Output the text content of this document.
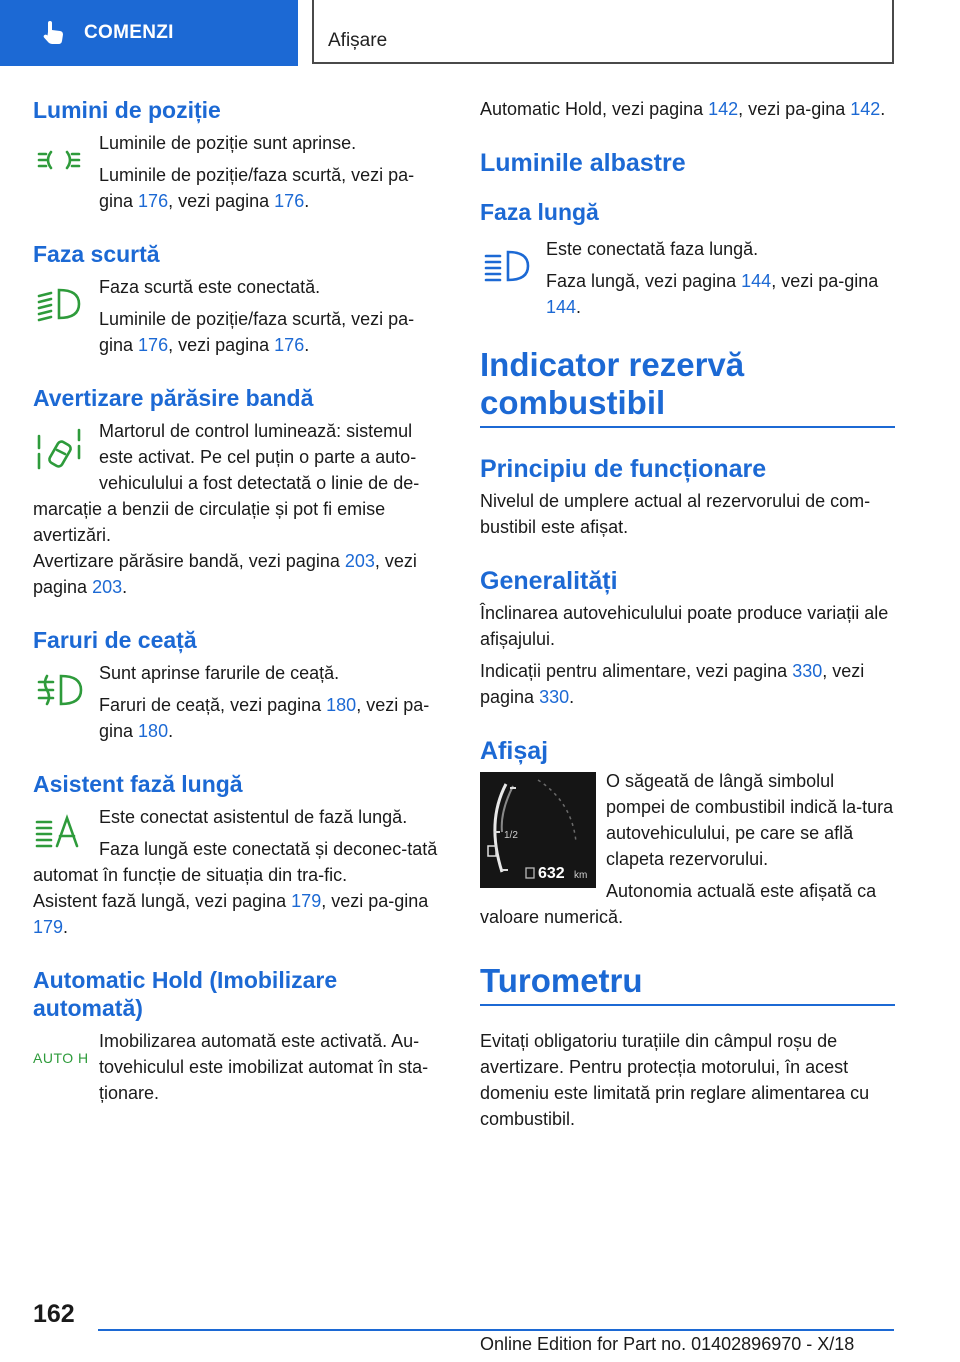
COMENZI	Afișare
Lumini de poziție

Luminile de poziție sunt aprinse.

Luminile de poziție/faza scurtă, vezi pa-gina 176, vezi pagina 176.

Faza scurtă

Faza scurtă este conectată.

Luminile de poziție/faza scurtă, vezi pa-gina 176, vezi pagina 176.

Avertizare părăsire bandă

Martorul de control luminează: sistemul este activat. Pe cel puțin o parte a auto-vehiculului a fost detectată o linie de de-marcație a benzii de circulație și pot fi emise avertizări.

Avertizare părăsire bandă, vezi pagina 203, vezi pagina 203.

Faruri de ceață

Sunt aprinse farurile de ceață.

Faruri de ceață, vezi pagina 180, vezi pa-gina 180.

Asistent fază lungă

Este conectat asistentul de fază lungă.

Faza lungă este conectată și deconec-tată automat în funcție de situația din tra-fic.

Asistent fază lungă, vezi pagina 179, vezi pa-gina 179.

Automatic Hold (Imobilizare automată)
AUTO H

Imobilizarea automată este activată. Au-tovehiculul este imobilizat automat în sta-ționare.

Automatic Hold, vezi pagina 142, vezi pa-gina 142.

Luminile albastre
Faza lungă

Este conectată faza lungă.

Faza lungă, vezi pagina 144, vezi pa-gina 144.

Indicator rezervă combustibil
Principiu de funcționare

Nivelul de umplere actual al rezervorului de com-bustibil este afișat.

Generalități

Înclinarea autovehiculului poate produce variații ale afișajului.

Indicații pentru alimentare, vezi pagina 330, vezi pagina 330.

Afișaj
1/2
632 km

O săgeată de lângă simbolul pompei de combustibil indică la-tura autovehiculului, pe care se află clapeta rezervorului.

Autonomia actuală este afișată ca valoare numerică.

Turometru

Evitați obligatoriu turațiile din câmpul roșu de avertizare. Pentru protecția motorului, în acest domeniu este limitată prin reglare alimentarea cu combustibil.

162
Online Edition for Part no. 01402896970 - X/18
